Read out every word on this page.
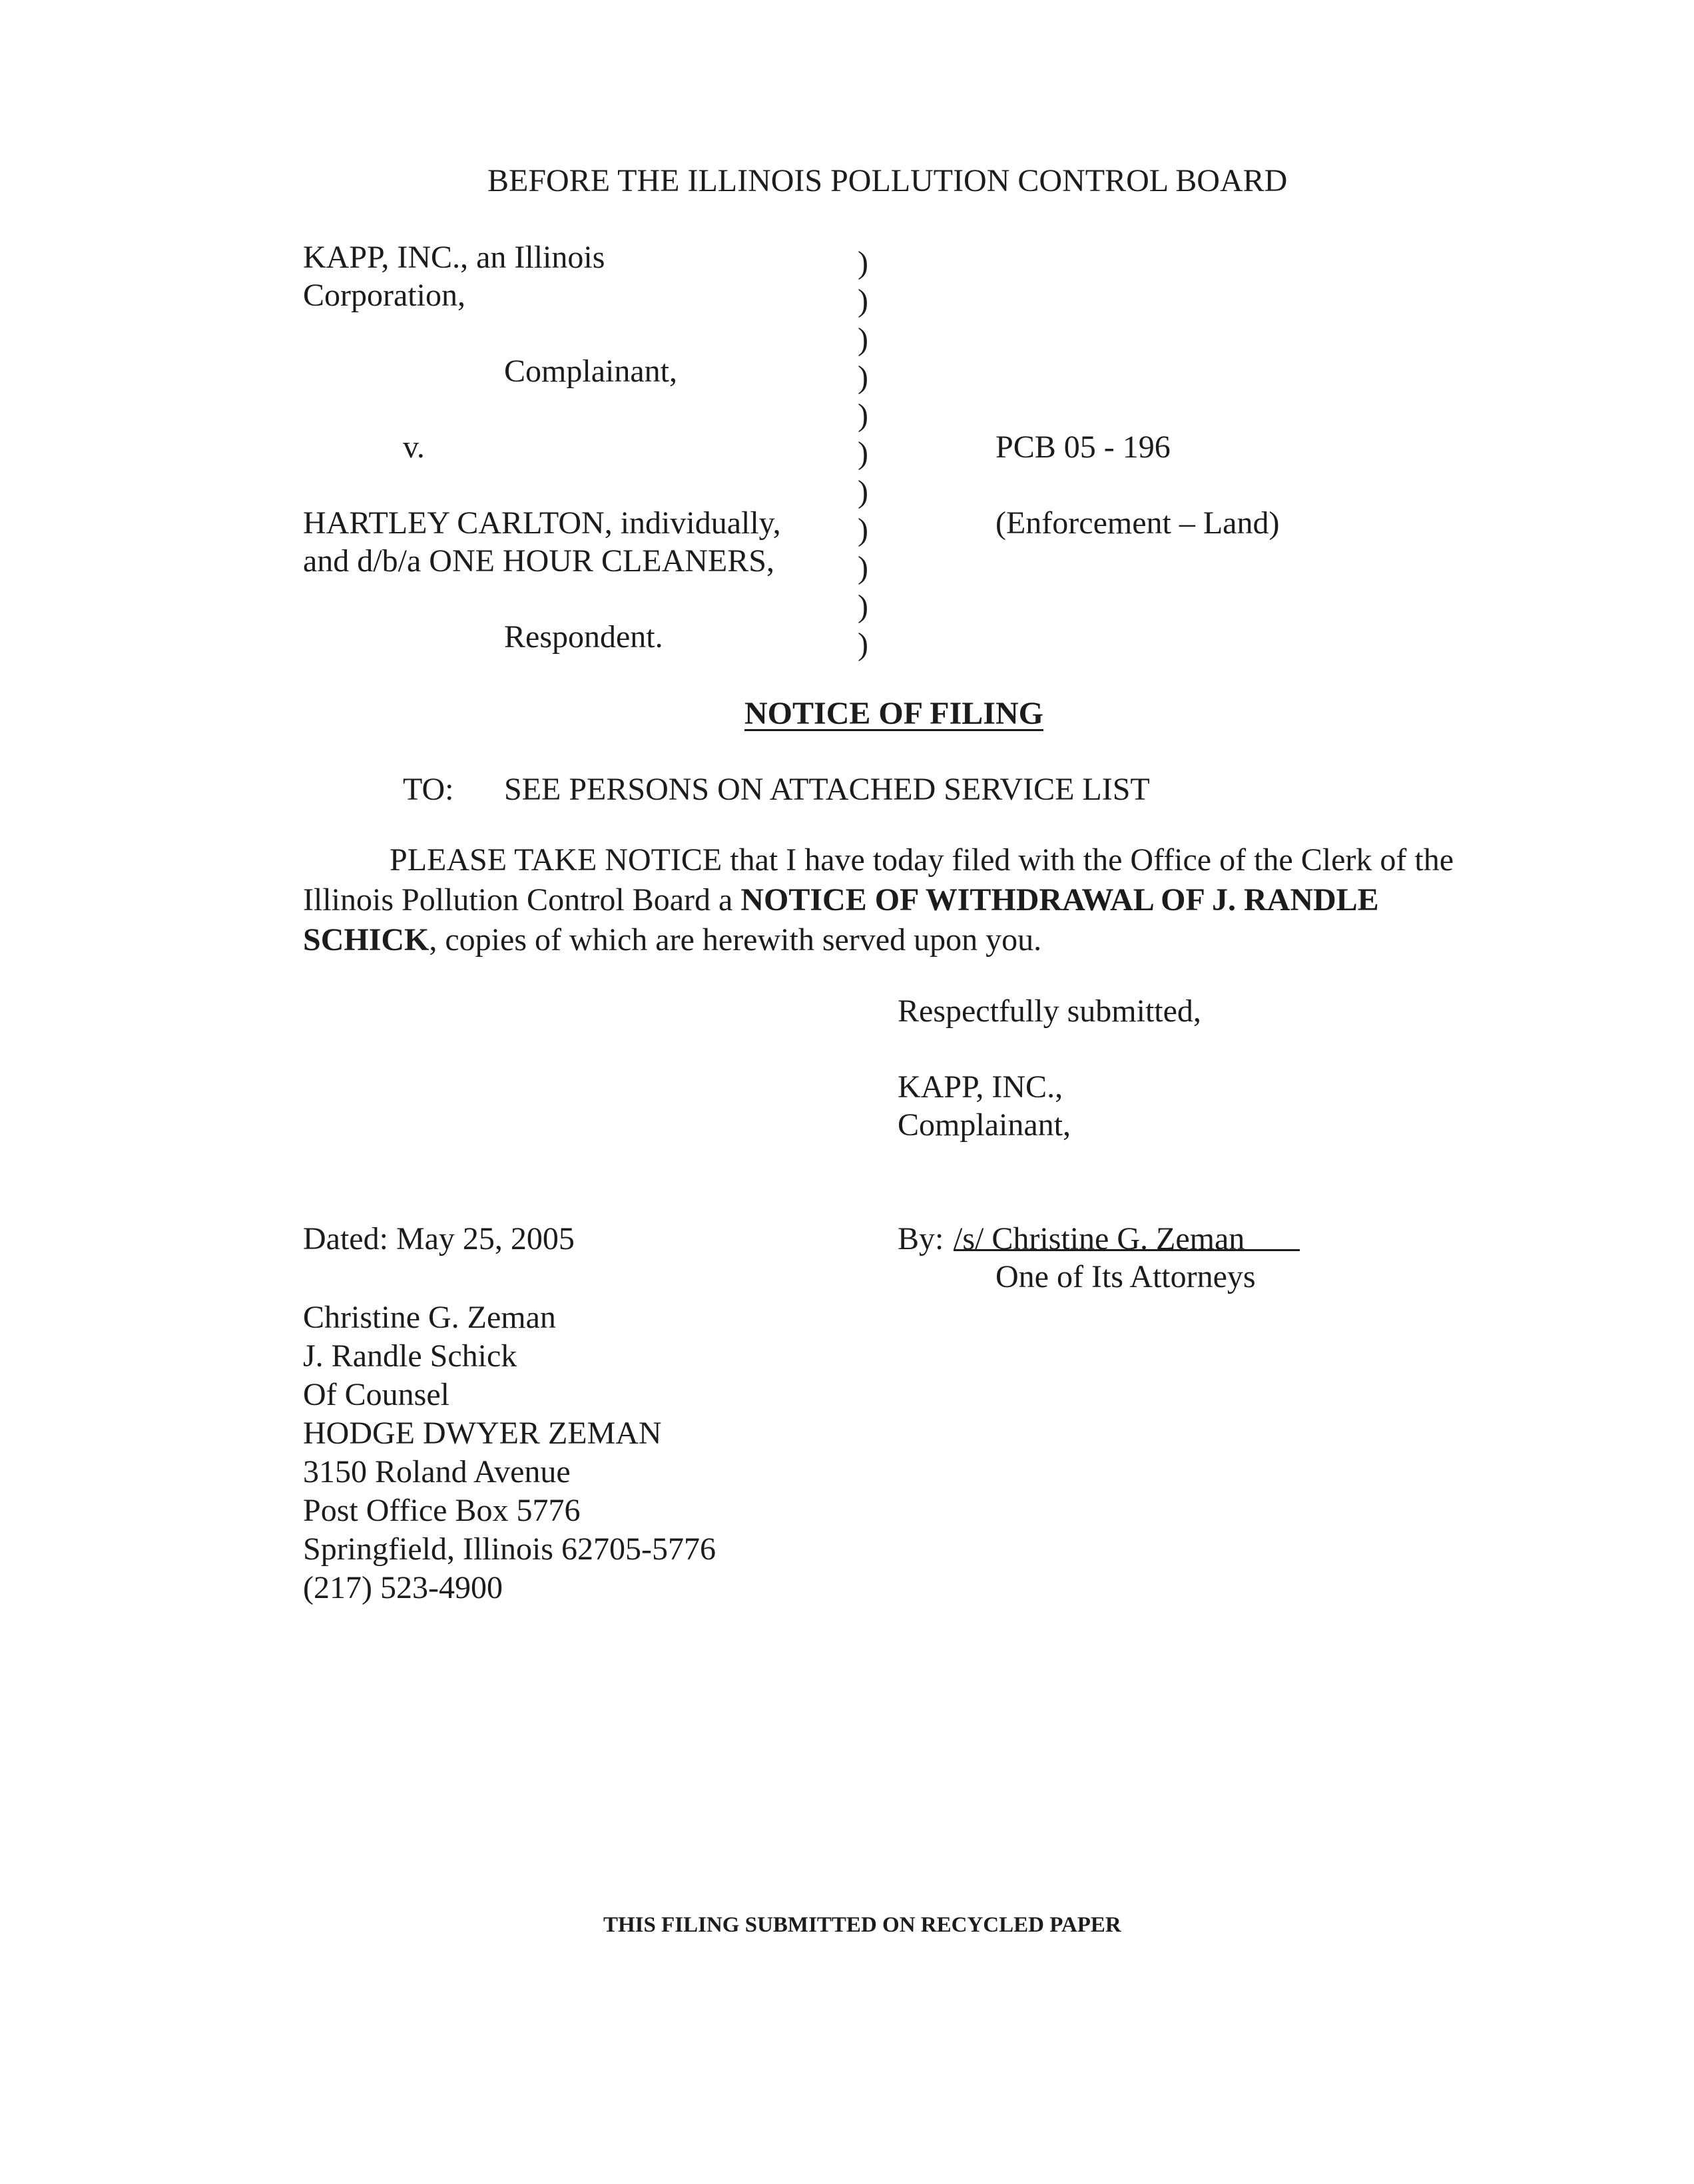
BEFORE THE ILLINOIS POLLUTION CONTROL BOARD
KAPP, INC., an Illinois
Corporation,
Complainant,
v.
HARTLEY CARLTON, individually,
and d/b/a ONE HOUR CLEANERS,
Respondent.
)
)
)
)
)
)
)
)
)
)
)
PCB 05 - 196
(Enforcement – Land)
NOTICE OF FILING
TO: SEE PERSONS ON ATTACHED SERVICE LIST
PLEASE TAKE NOTICE that I have today filed with the Office of the Clerk of the Illinois Pollution Control Board a NOTICE OF WITHDRAWAL OF J. RANDLE SCHICK, copies of which are herewith served upon you.
Respectfully submitted,
KAPP, INC.,
Complainant,
Dated: May 25, 2005	By: /s/ Christine G. Zeman
One of Its Attorneys
Christine G. Zeman
J. Randle Schick
Of Counsel
HODGE DWYER ZEMAN
3150 Roland Avenue
Post Office Box 5776
Springfield, Illinois 62705-5776
(217) 523-4900
THIS FILING SUBMITTED ON RECYCLED PAPER
